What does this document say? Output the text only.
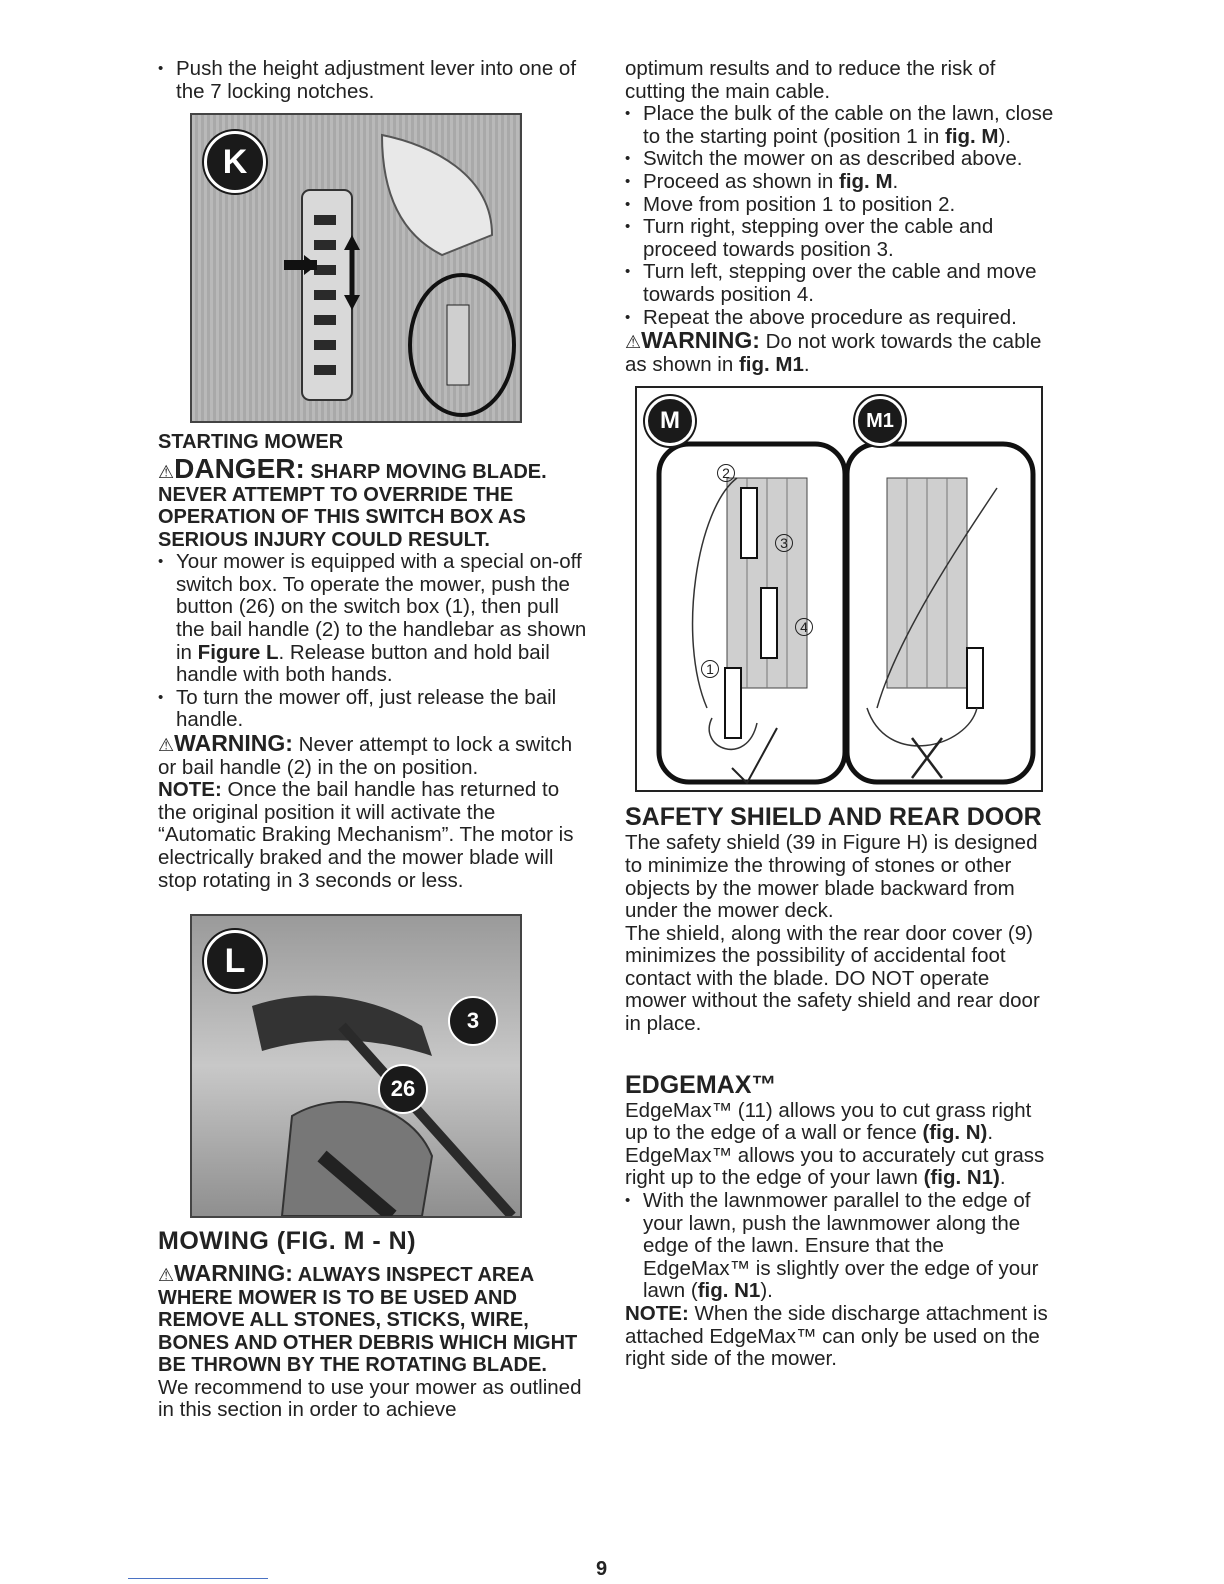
• Push the height adjustment lever into one of the 7 locking notches.

K

STARTING MOWER

⚠DANGER: SHARP MOVING BLADE. NEVER ATTEMPT TO OVERRIDE THE OPERATION OF THIS SWITCH BOX AS SERIOUS INJURY COULD RESULT.

• Your mower is equipped with a special on-off switch box. To operate the mower, push the button (26) on the switch box (1), then pull the bail handle (2) to the handlebar as shown in Figure L. Release button and hold bail handle with both hands.

• To turn the mower off, just release the bail handle.

⚠WARNING: Never attempt to lock a switch or bail handle (2) in the on position.

NOTE: Once the bail handle has returned to the original position it will activate the “Automatic Braking Mechanism”. The motor is electrically braked and the mower blade will stop rotating in 3 seconds or less.

L
3
26

MOWING (FIG. M - N)

⚠WARNING: ALWAYS INSPECT AREA WHERE MOWER IS TO BE USED AND REMOVE ALL STONES, STICKS, WIRE, BONES AND OTHER DEBRIS WHICH MIGHT BE THROWN BY THE ROTATING BLADE.

We recommend to use your mower as outlined in this section in order to achieve

optimum results and to reduce the risk of cutting the main cable.

• Place the bulk of the cable on the lawn, close to the starting point (position 1 in fig. M).

• Switch the mower on as described above.

• Proceed as shown in fig. M.

• Move from position 1 to position 2.

• Turn right, stepping over the cable and proceed towards position 3.

• Turn left, stepping over the cable and move towards position 4.

• Repeat the above procedure as required.

⚠WARNING: Do not work towards the cable as shown in fig. M1.

M	M1
1
2
3
4

SAFETY SHIELD AND REAR DOOR

The safety shield (39 in Figure H) is designed to minimize the throwing of stones or other objects by the mower blade backward from under the mower deck.

The shield, along with the rear door cover (9) minimizes the possibility of accidental foot contact with the blade. DO NOT operate mower without the safety shield and rear door in place.

EDGEMAX™

EdgeMax™ (11) allows you to cut grass right up to the edge of a wall or fence (fig. N).

EdgeMax™ allows you to accurately cut grass right up to the edge of your lawn (fig. N1).

• With the lawnmower parallel to the edge of your lawn, push the lawnmower along the edge of the lawn. Ensure that the EdgeMax™ is slightly over the edge of your lawn (fig. N1).

NOTE: When the side discharge attachment is attached EdgeMax™ can only be used on the right side of the mower.

9
